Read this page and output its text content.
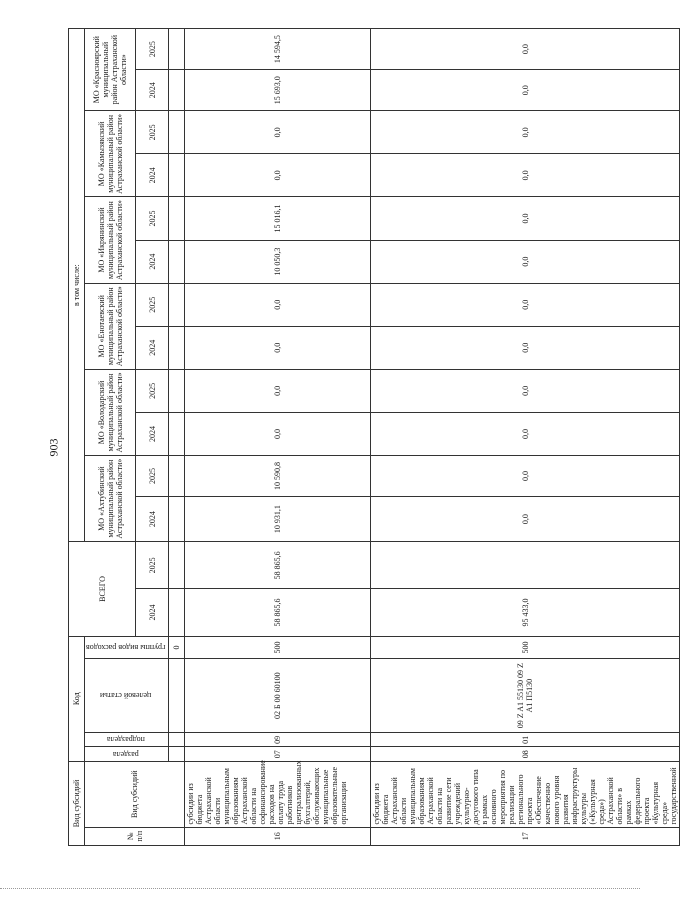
903
Вид субсидий		Код				ВСЕГО		в том числе:											
№ п/п	Вид субсидий	раздела	подраздела	целевой статьи	группы видов расходов			МО «Ахтубинский муниципальный район Астраханской области»		МО «Володарский муниципальный район Астраханской области»		МО «Енотаевский муниципальный район Астраханской области»		МО «Икрянинский муниципальный район Астраханской области»		МО «Камызякский муниципальный район Астраханской области»		МО «Красноярский муниципальный район Астраханской области»	
						2024	2025	2024	2025	2024	2025	2024	2025	2024	2025	2024	2025	2024	2025
					0														
16	субсидии из бюджета Астраханской области муниципальным образованиям Астраханской области на софинансирование расходов на оплату труда работников централизованных бухгалтерий, обслуживающих муниципальные образовательные организации	07	09	02 Б 00 60100	500	58 865,6	58 865,6	10 931,1	10 590,8	0,0	0,0	0,0	0,0	10 050,3	15 016,1	0,0	0,0	15 693,0	14 594,5
17	субсидии из бюджета Астраханской области муниципальным образованиям Астраханской области на развитие сети учреждений культурно-досугового типа в рамках основного мероприятия по реализации регионального проекта «Обеспечение качественно нового уровня развития инфраструктуры культуры («Культурная среда») Астраханской области» в рамках федерального проекта «Культурная среда» государственной	08	01	09 Z A1 55130 09 Z A1 П5130	500	95 433,0		0,0	0,0	0,0	0,0	0,0	0,0	0,0	0,0	0,0	0,0	0,0	0,0
